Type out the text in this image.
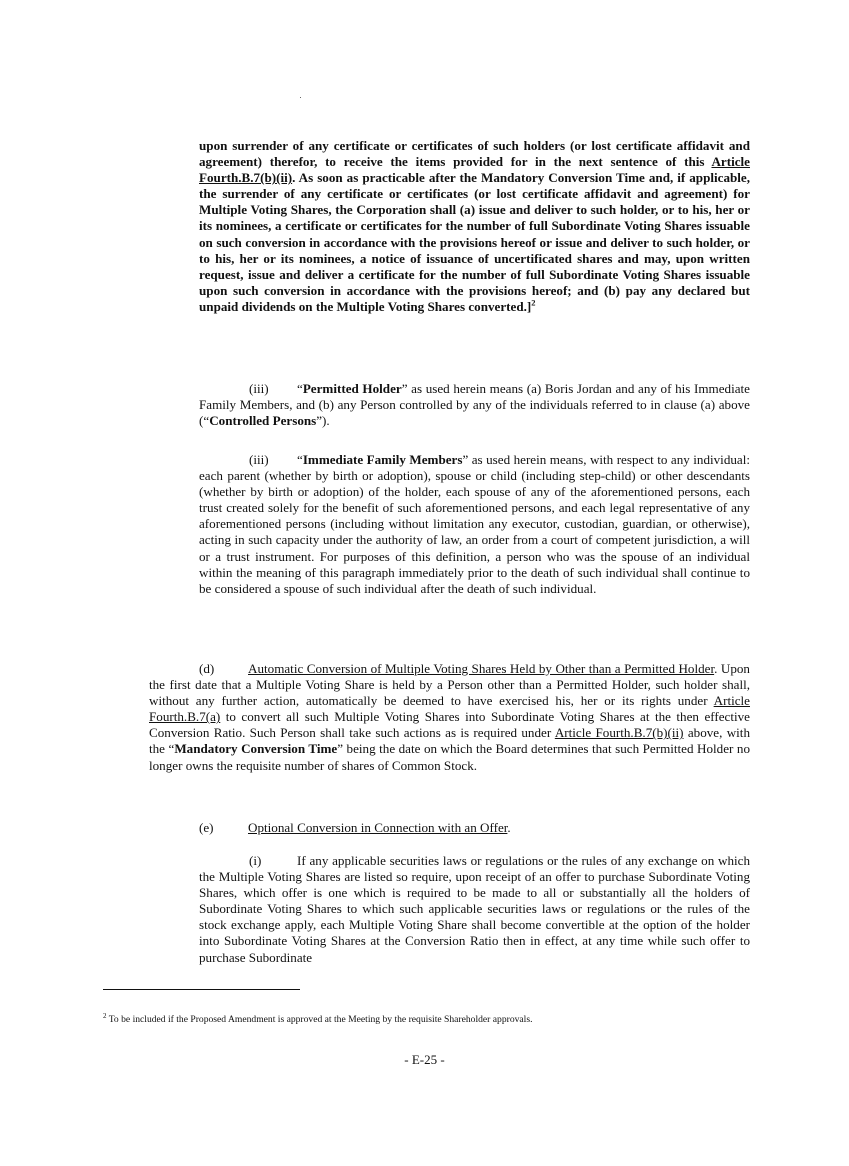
upon surrender of any certificate or certificates of such holders (or lost certificate affidavit and agreement) therefor, to receive the items provided for in the next sentence of this Article Fourth.B.7(b)(ii). As soon as practicable after the Mandatory Conversion Time and, if applicable, the surrender of any certificate or certificates (or lost certificate affidavit and agreement) for Multiple Voting Shares, the Corporation shall (a) issue and deliver to such holder, or to his, her or its nominees, a certificate or certificates for the number of full Subordinate Voting Shares issuable on such conversion in accordance with the provisions hereof or issue and deliver to such holder, or to his, her or its nominees, a notice of issuance of uncertificated shares and may, upon written request, issue and deliver a certificate for the number of full Subordinate Voting Shares issuable upon such conversion in accordance with the provisions hereof; and (b) pay any declared but unpaid dividends on the Multiple Voting Shares converted.]$^2$

(iii) “Permitted Holder” as used herein means (a) Boris Jordan and any of his Immediate Family Members, and (b) any Person controlled by any of the individuals referred to in clause (a) above (“Controlled Persons”).

(iii) “Immediate Family Members” as used herein means, with respect to any individual: each parent (whether by birth or adoption), spouse or child (including step-child) or other descendants (whether by birth or adoption) of the holder, each spouse of any of the aforementioned persons, each trust created solely for the benefit of such aforementioned persons, and each legal representative of any aforementioned persons (including without limitation any executor, custodian, guardian, or otherwise), acting in such capacity under the authority of law, an order from a court of competent jurisdiction, a will or a trust instrument. For purposes of this definition, a person who was the spouse of an individual within the meaning of this paragraph immediately prior to the death of such individual shall continue to be considered a spouse of such individual after the death of such individual.

(d)	Automatic Conversion of Multiple Voting Shares Held by Other than a Permitted Holder. Upon the first date that a Multiple Voting Share is held by a Person other than a Permitted Holder, such holder shall, without any further action, automatically be deemed to have exercised his, her or its rights under Article Fourth.B.7(a) to convert all such Multiple Voting Shares into Subordinate Voting Shares at the then effective Conversion Ratio. Such Person shall take such actions as is required under Article Fourth.B.7(b)(ii) above, with the “Mandatory Conversion Time” being the date on which the Board determines that such Permitted Holder no longer owns the requisite number of shares of Common Stock.

(e)	Optional Conversion in Connection with an Offer.

(i)	If any applicable securities laws or regulations or the rules of any exchange on which the Multiple Voting Shares are listed so require, upon receipt of an offer to purchase Subordinate Voting Shares, which offer is one which is required to be made to all or substantially all the holders of Subordinate Voting Shares to which such applicable securities laws or regulations or the rules of the stock exchange apply, each Multiple Voting Share shall become convertible at the option of the holder into Subordinate Voting Shares at the Conversion Ratio then in effect, at any time while such offer to purchase Subordinate

$^2$ To be included if the Proposed Amendment is approved at the Meeting by the requisite Shareholder approvals.

- E-25 -
